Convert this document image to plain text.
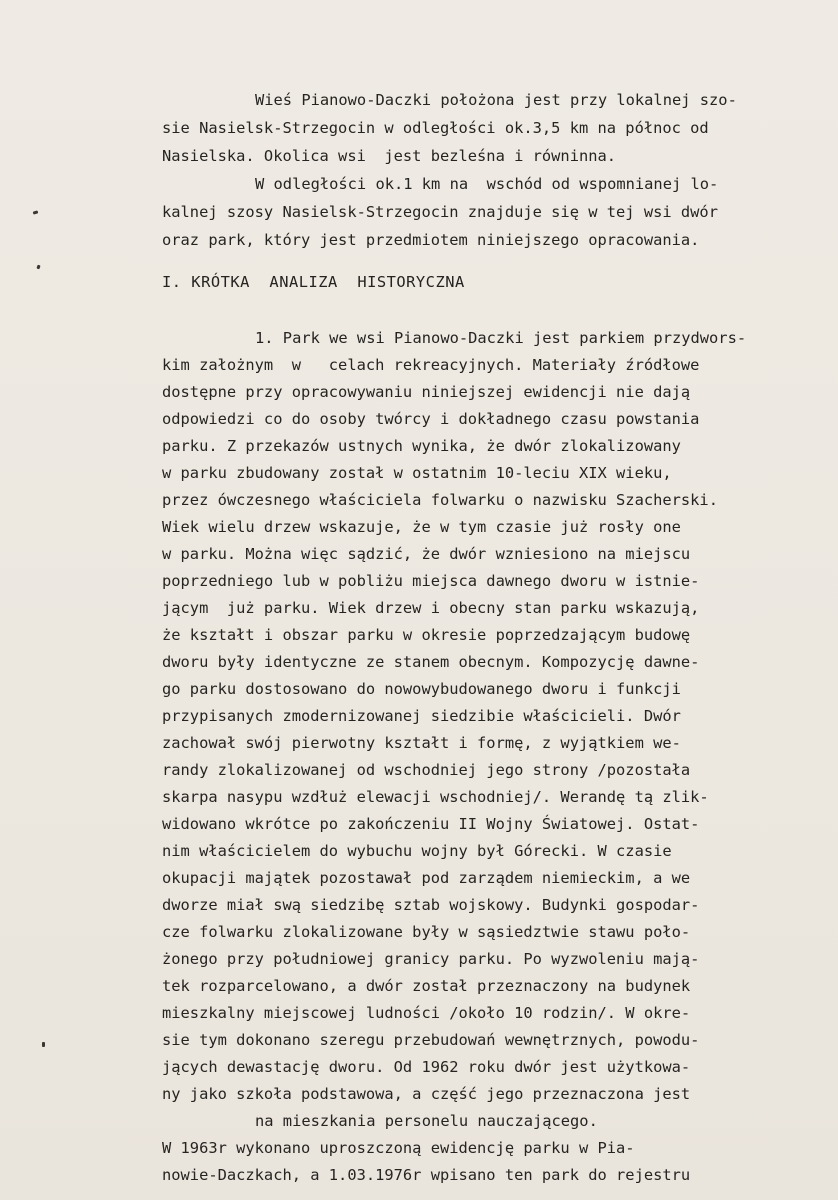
Wieś Pianowo-Daczki położona jest przy lokalnej szo-
sie Nasielsk-Strzegocin w odległości ok.3,5 km na północ od
Nasielska. Okolica wsi  jest bezleśna i równinna.
W odległości ok.1 km na  wschód od wspomnianej lo-
kalnej szosy Nasielsk-Strzegocin znajduje się w tej wsi dwór
oraz park, który jest przedmiotem niniejszego opracowania.
I. KRÓTKA  ANALIZA  HISTORYCZNA
1. Park we wsi Pianowo-Daczki jest parkiem przydwors-
kim założnym  w   celach rekreacyjnych. Materiały źródłowe
dostępne przy opracowywaniu niniejszej ewidencji nie dają
odpowiedzi co do osoby twórcy i dokładnego czasu powstania
parku. Z przekazów ustnych wynika, że dwór zlokalizowany
w parku zbudowany został w ostatnim 10-leciu XIX wieku,
przez ówczesnego właściciela folwarku o nazwisku Szacherski.
Wiek wielu drzew wskazuje, że w tym czasie już rosły one
w parku. Można więc sądzić, że dwór wzniesiono na miejscu
poprzedniego lub w pobliżu miejsca dawnego dworu w istnie-
jącym  już parku. Wiek drzew i obecny stan parku wskazują,
że kształt i obszar parku w okresie poprzedzającym budowę
dworu były identyczne ze stanem obecnym. Kompozycję dawne-
go parku dostosowano do nowowybudowanego dworu i funkcji
przypisanych zmodernizowanej siedzibie właścicieli. Dwór
zachował swój pierwotny kształt i formę, z wyjątkiem we-
randy zlokalizowanej od wschodniej jego strony /pozostała
skarpa nasypu wzdłuż elewacji wschodniej/. Werandę tą zlik-
widowano wkrótce po zakończeniu II Wojny Światowej. Ostat-
nim właścicielem do wybuchu wojny był Górecki. W czasie
okupacji majątek pozostawał pod zarządem niemieckim, a we
dworze miał swą siedzibę sztab wojskowy. Budynki gospodar-
cze folwarku zlokalizowane były w sąsiedztwie stawu poło-
żonego przy południowej granicy parku. Po wyzwoleniu mają-
tek rozparcelowano, a dwór został przeznaczony na budynek
mieszkalny miejscowej ludności /około 10 rodzin/. W okre-
sie tym dokonano szeregu przebudowań wewnętrznych, powodu-
jących dewastację dworu. Od 1962 roku dwór jest użytkowa-
ny jako szkoła podstawowa, a część jego przeznaczona jest
na mieszkania personelu nauczającego.
W 1963r wykonano uproszczoną ewidencję parku w Pia-
nowie-Daczkach, a 1.03.1976r wpisano ten park do rejestru
